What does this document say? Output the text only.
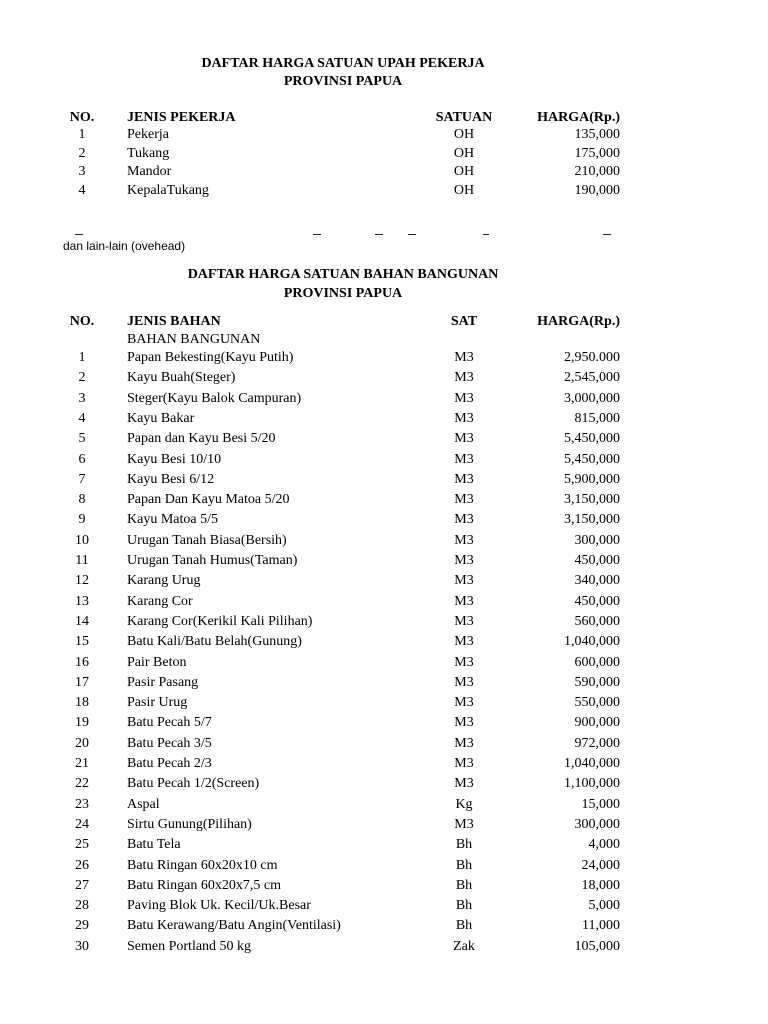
DAFTAR HARGA SATUAN UPAH PEKERJA
PROVINSI PAPUA
NO.	JENIS PEKERJA	SATUAN	HARGA(Rp.)
1	Pekerja	OH	135,000
2	Tukang	OH	175,000
3	Mandor	OH	210,000
4	KepalaTukang	OH	190,000
dan lain-lain (ovehead)
DAFTAR HARGA SATUAN BAHAN BANGUNAN
PROVINSI PAPUA
NO.	JENIS BAHAN	SAT	HARGA(Rp.)
BAHAN BANGUNAN
1	Papan Bekesting(Kayu Putih)	M3	2,950.000
2	Kayu Buah(Steger)	M3	2,545,000
3	Steger(Kayu Balok Campuran)	M3	3,000,000
4	Kayu Bakar	M3	815,000
5	Papan dan Kayu Besi 5/20	M3	5,450,000
6	Kayu Besi 10/10	M3	5,450,000
7	Kayu Besi 6/12	M3	5,900,000
8	Papan Dan Kayu Matoa 5/20	M3	3,150,000
9	Kayu Matoa 5/5	M3	3,150,000
10	Urugan Tanah Biasa(Bersih)	M3	300,000
11	Urugan Tanah Humus(Taman)	M3	450,000
12	Karang Urug	M3	340,000
13	Karang Cor	M3	450,000
14	Karang Cor(Kerikil Kali Pilihan)	M3	560,000
15	Batu Kali/Batu Belah(Gunung)	M3	1,040,000
16	Pair Beton	M3	600,000
17	Pasir Pasang	M3	590,000
18	Pasir Urug	M3	550,000
19	Batu Pecah 5/7	M3	900,000
20	Batu Pecah 3/5	M3	972,000
21	Batu Pecah 2/3	M3	1,040,000
22	Batu Pecah 1/2(Screen)	M3	1,100,000
23	Aspal	Kg	15,000
24	Sirtu Gunung(Pilihan)	M3	300,000
25	Batu Tela	Bh	4,000
26	Batu Ringan 60x20x10 cm	Bh	24,000
27	Batu Ringan 60x20x7,5 cm	Bh	18,000
28	Paving Blok Uk. Kecil/Uk.Besar	Bh	5,000
29	Batu Kerawang/Batu Angin(Ventilasi)	Bh	11,000
30	Semen Portland 50 kg	Zak	105,000
